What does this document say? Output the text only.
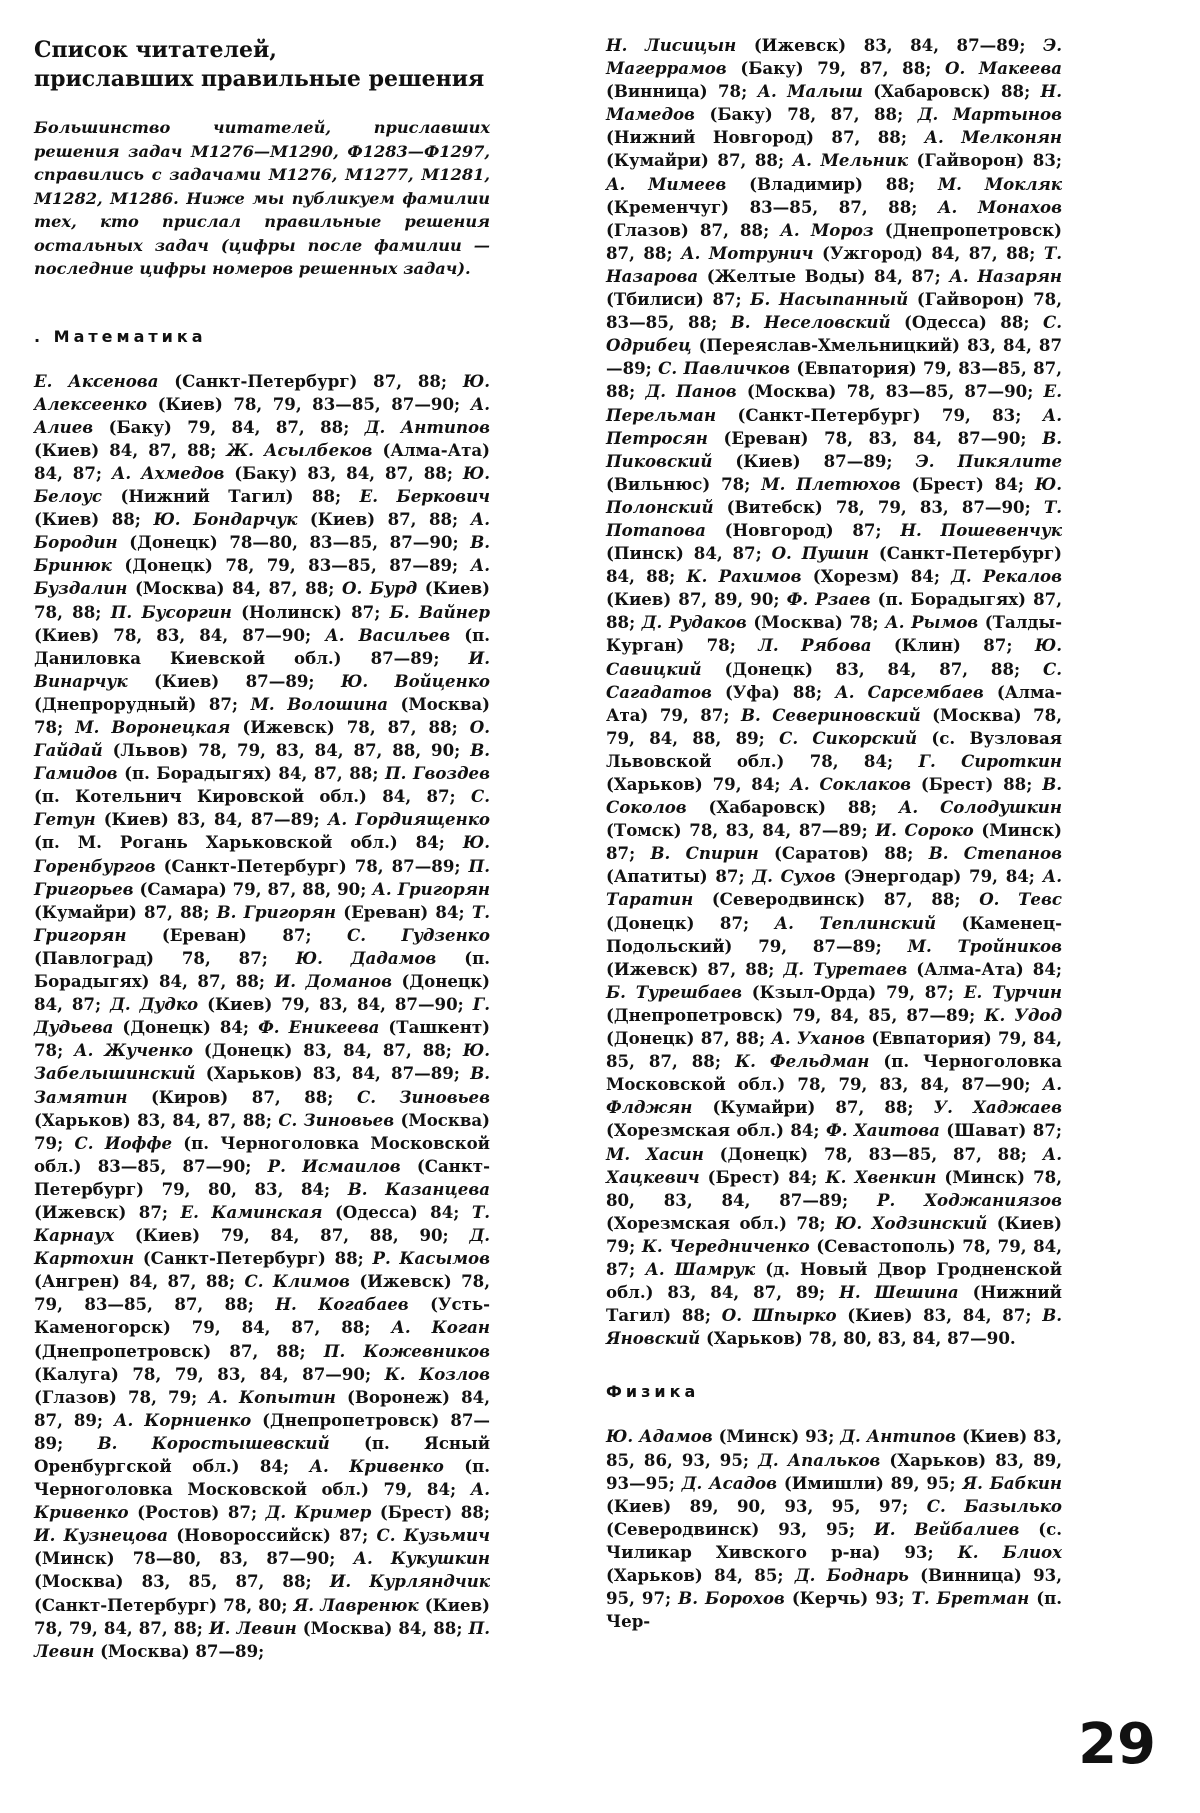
Список читателей,
приславших правильные решения

Большинство читателей, приславших решения задач М1276—М1290, Ф1283—Ф1297, справились с задачами М1276, М1277, М1281, М1282, М1286. Ниже мы публикуем фамилии тех, кто прислал правильные решения остальных задач (цифры после фамилии — последние цифры номеров решенных задач).

. Математика

Е. Аксенова (Санкт-Петербург) 87, 88; Ю. Алексеенко (Киев) 78, 79, 83—85, 87—90; А. Алиев (Баку) 79, 84, 87, 88; Д. Антипов (Киев) 84, 87, 88; Ж. Асылбеков (Алма-Ата) 84, 87; А. Ахмедов (Баку) 83, 84, 87, 88; Ю. Белоус (Нижний Тагил) 88; Е. Беркович (Киев) 88; Ю. Бондарчук (Киев) 87, 88; А. Бородин (Донецк) 78—80, 83—85, 87—90; В. Бринюк (Донецк) 78, 79, 83—85, 87—89; А. Буздалин (Москва) 84, 87, 88; О. Бурд (Киев) 78, 88; П. Бусоргин (Нолинск) 87; Б. Вайнер (Киев) 78, 83, 84, 87—90; А. Васильев (п. Даниловка Киевской обл.) 87—89; И. Винарчук (Киев) 87—89; Ю. Войценко (Днепрорудный) 87; М. Волошина (Москва) 78; М. Воронецкая (Ижевск) 78, 87, 88; О. Гайдай (Львов) 78, 79, 83, 84, 87, 88, 90; В. Гамидов (п. Борадыгях) 84, 87, 88; П. Гвоздев (п. Котельнич Кировской обл.) 84, 87; С. Гетун (Киев) 83, 84, 87—89; А. Гордиященко (п. М. Рогань Харьковской обл.) 84; Ю. Горенбургов (Санкт-Петербург) 78, 87—89; П. Григорьев (Самара) 79, 87, 88, 90; А. Григорян (Кумайри) 87, 88; В. Григорян (Ереван) 84; Т. Григорян (Ереван) 87; С. Гудзенко (Павлоград) 78, 87; Ю. Дадамов (п. Борадыгях) 84, 87, 88; И. Доманов (Донецк) 84, 87; Д. Дудко (Киев) 79, 83, 84, 87—90; Г. Дудьева (Донецк) 84; Ф. Еникеева (Ташкент) 78; А. Жученко (Донецк) 83, 84, 87, 88; Ю. Забелышинский (Харьков) 83, 84, 87—89; В. Замятин (Киров) 87, 88; С. Зиновьев (Харьков) 83, 84, 87, 88; С. Зиновьев (Москва) 79; С. Иоффе (п. Черноголовка Московской обл.) 83—85, 87—90; Р. Исмаилов (Санкт-Петербург) 79, 80, 83, 84; В. Казанцева (Ижевск) 87; Е. Каминская (Одесса) 84; Т. Карнаух (Киев) 79, 84, 87, 88, 90; Д. Картохин (Санкт-Петербург) 88; Р. Касымов (Ангрен) 84, 87, 88; С. Климов (Ижевск) 78, 79, 83—85, 87, 88; Н. Когабаев (Усть-Каменогорск) 79, 84, 87, 88; А. Коган (Днепропетровск) 87, 88; П. Кожевников (Калуга) 78, 79, 83, 84, 87—90; К. Козлов (Глазов) 78, 79; А. Копытин (Воронеж) 84, 87, 89; А. Корниенко (Днепропетровск) 87—89; В. Коростышевский (п. Ясный Оренбургской обл.) 84; А. Кривенко (п. Черноголовка Московской обл.) 79, 84; А. Кривенко (Ростов) 87; Д. Кример (Брест) 88; И. Кузнецова (Новороссийск) 87; С. Кузьмич (Минск) 78—80, 83, 87—90; А. Кукушкин (Москва) 83, 85, 87, 88; И. Курляндчик (Санкт-Петербург) 78, 80; Я. Лавренюк (Киев) 78, 79, 84, 87, 88; И. Левин (Москва) 84, 88; П. Левин (Москва) 87—89;

Н. Лисицын (Ижевск) 83, 84, 87—89; Э. Магеррамов (Баку) 79, 87, 88; О. Макеева (Винница) 78; А. Малыш (Хабаровск) 88; Н. Мамедов (Баку) 78, 87, 88; Д. Мартынов (Нижний Новгород) 87, 88; А. Мелконян (Кумайри) 87, 88; А. Мельник (Гайворон) 83; А. Мимеев (Владимир) 88; М. Мокляк (Кременчуг) 83—85, 87, 88; А. Монахов (Глазов) 87, 88; А. Мороз (Днепропетровск) 87, 88; А. Мотрунич (Ужгород) 84, 87, 88; Т. Назарова (Желтые Воды) 84, 87; А. Назарян (Тбилиси) 87; Б. Насыпанный (Гайворон) 78, 83—85, 88; В. Неселовский (Одесса) 88; С. Одрибец (Переяслав-Хмельницкий) 83, 84, 87—89; С. Павличков (Евпатория) 79, 83—85, 87, 88; Д. Панов (Москва) 78, 83—85, 87—90; Е. Перельман (Санкт-Петербург) 79, 83; А. Петросян (Ереван) 78, 83, 84, 87—90; В. Пиковский (Киев) 87—89; Э. Пикялите (Вильнюс) 78; М. Плетюхов (Брест) 84; Ю. Полонский (Витебск) 78, 79, 83, 87—90; Т. Потапова (Новгород) 87; Н. Пошевенчук (Пинск) 84, 87; О. Пушин (Санкт-Петербург) 84, 88; К. Рахимов (Хорезм) 84; Д. Рекалов (Киев) 87, 89, 90; Ф. Рзаев (п. Борадыгях) 87, 88; Д. Рудаков (Москва) 78; А. Рымов (Талды-Курган) 78; Л. Рябова (Клин) 87; Ю. Савицкий (Донецк) 83, 84, 87, 88; С. Сагадатов (Уфа) 88; А. Сарсембаев (Алма-Ата) 79, 87; В. Севериновский (Москва) 78, 79, 84, 88, 89; С. Сикорский (с. Вузловая Львовской обл.) 78, 84; Г. Сироткин (Харьков) 79, 84; А. Соклаков (Брест) 88; В. Соколов (Хабаровск) 88; А. Солодушкин (Томск) 78, 83, 84, 87—89; И. Сороко (Минск) 87; В. Спирин (Саратов) 88; В. Степанов (Апатиты) 87; Д. Сухов (Энергодар) 79, 84; А. Таратин (Северодвинск) 87, 88; О. Тевс (Донецк) 87; А. Теплинский (Каменец-Подольский) 79, 87—89; М. Тройников (Ижевск) 87, 88; Д. Туретаев (Алма-Ата) 84; Б. Турешбаев (Кзыл-Орда) 79, 87; Е. Турчин (Днепропетровск) 79, 84, 85, 87—89; К. Удод (Донецк) 87, 88; А. Уханов (Евпатория) 79, 84, 85, 87, 88; К. Фельдман (п. Черноголовка Московской обл.) 78, 79, 83, 84, 87—90; А. Флджян (Кумайри) 87, 88; У. Хаджаев (Хорезмская обл.) 84; Ф. Хаитова (Шават) 87; М. Хасин (Донецк) 78, 83—85, 87, 88; А. Хацкевич (Брест) 84; К. Хвенкин (Минск) 78, 80, 83, 84, 87—89; Р. Ходжаниязов (Хорезмская обл.) 78; Ю. Ходзинский (Киев) 79; К. Чередниченко (Севастополь) 78, 79, 84, 87; А. Шамрук (д. Новый Двор Гродненской обл.) 83, 84, 87, 89; Н. Шешина (Нижний Тагил) 88; О. Шпырко (Киев) 83, 84, 87; В. Яновский (Харьков) 78, 80, 83, 84, 87—90.

Физика

Ю. Адамов (Минск) 93; Д. Антипов (Киев) 83, 85, 86, 93, 95; Д. Апальков (Харьков) 83, 89, 93—95; Д. Асадов (Имишли) 89, 95; Я. Бабкин (Киев) 89, 90, 93, 95, 97; С. Базылько (Северодвинск) 93, 95; И. Вейбалиев (с. Чиликар Хивского р-на) 93; К. Блиох (Харьков) 84, 85; Д. Боднарь (Винница) 93, 95, 97; В. Борохов (Керчь) 93; Т. Бретман (п. Чер-

29
